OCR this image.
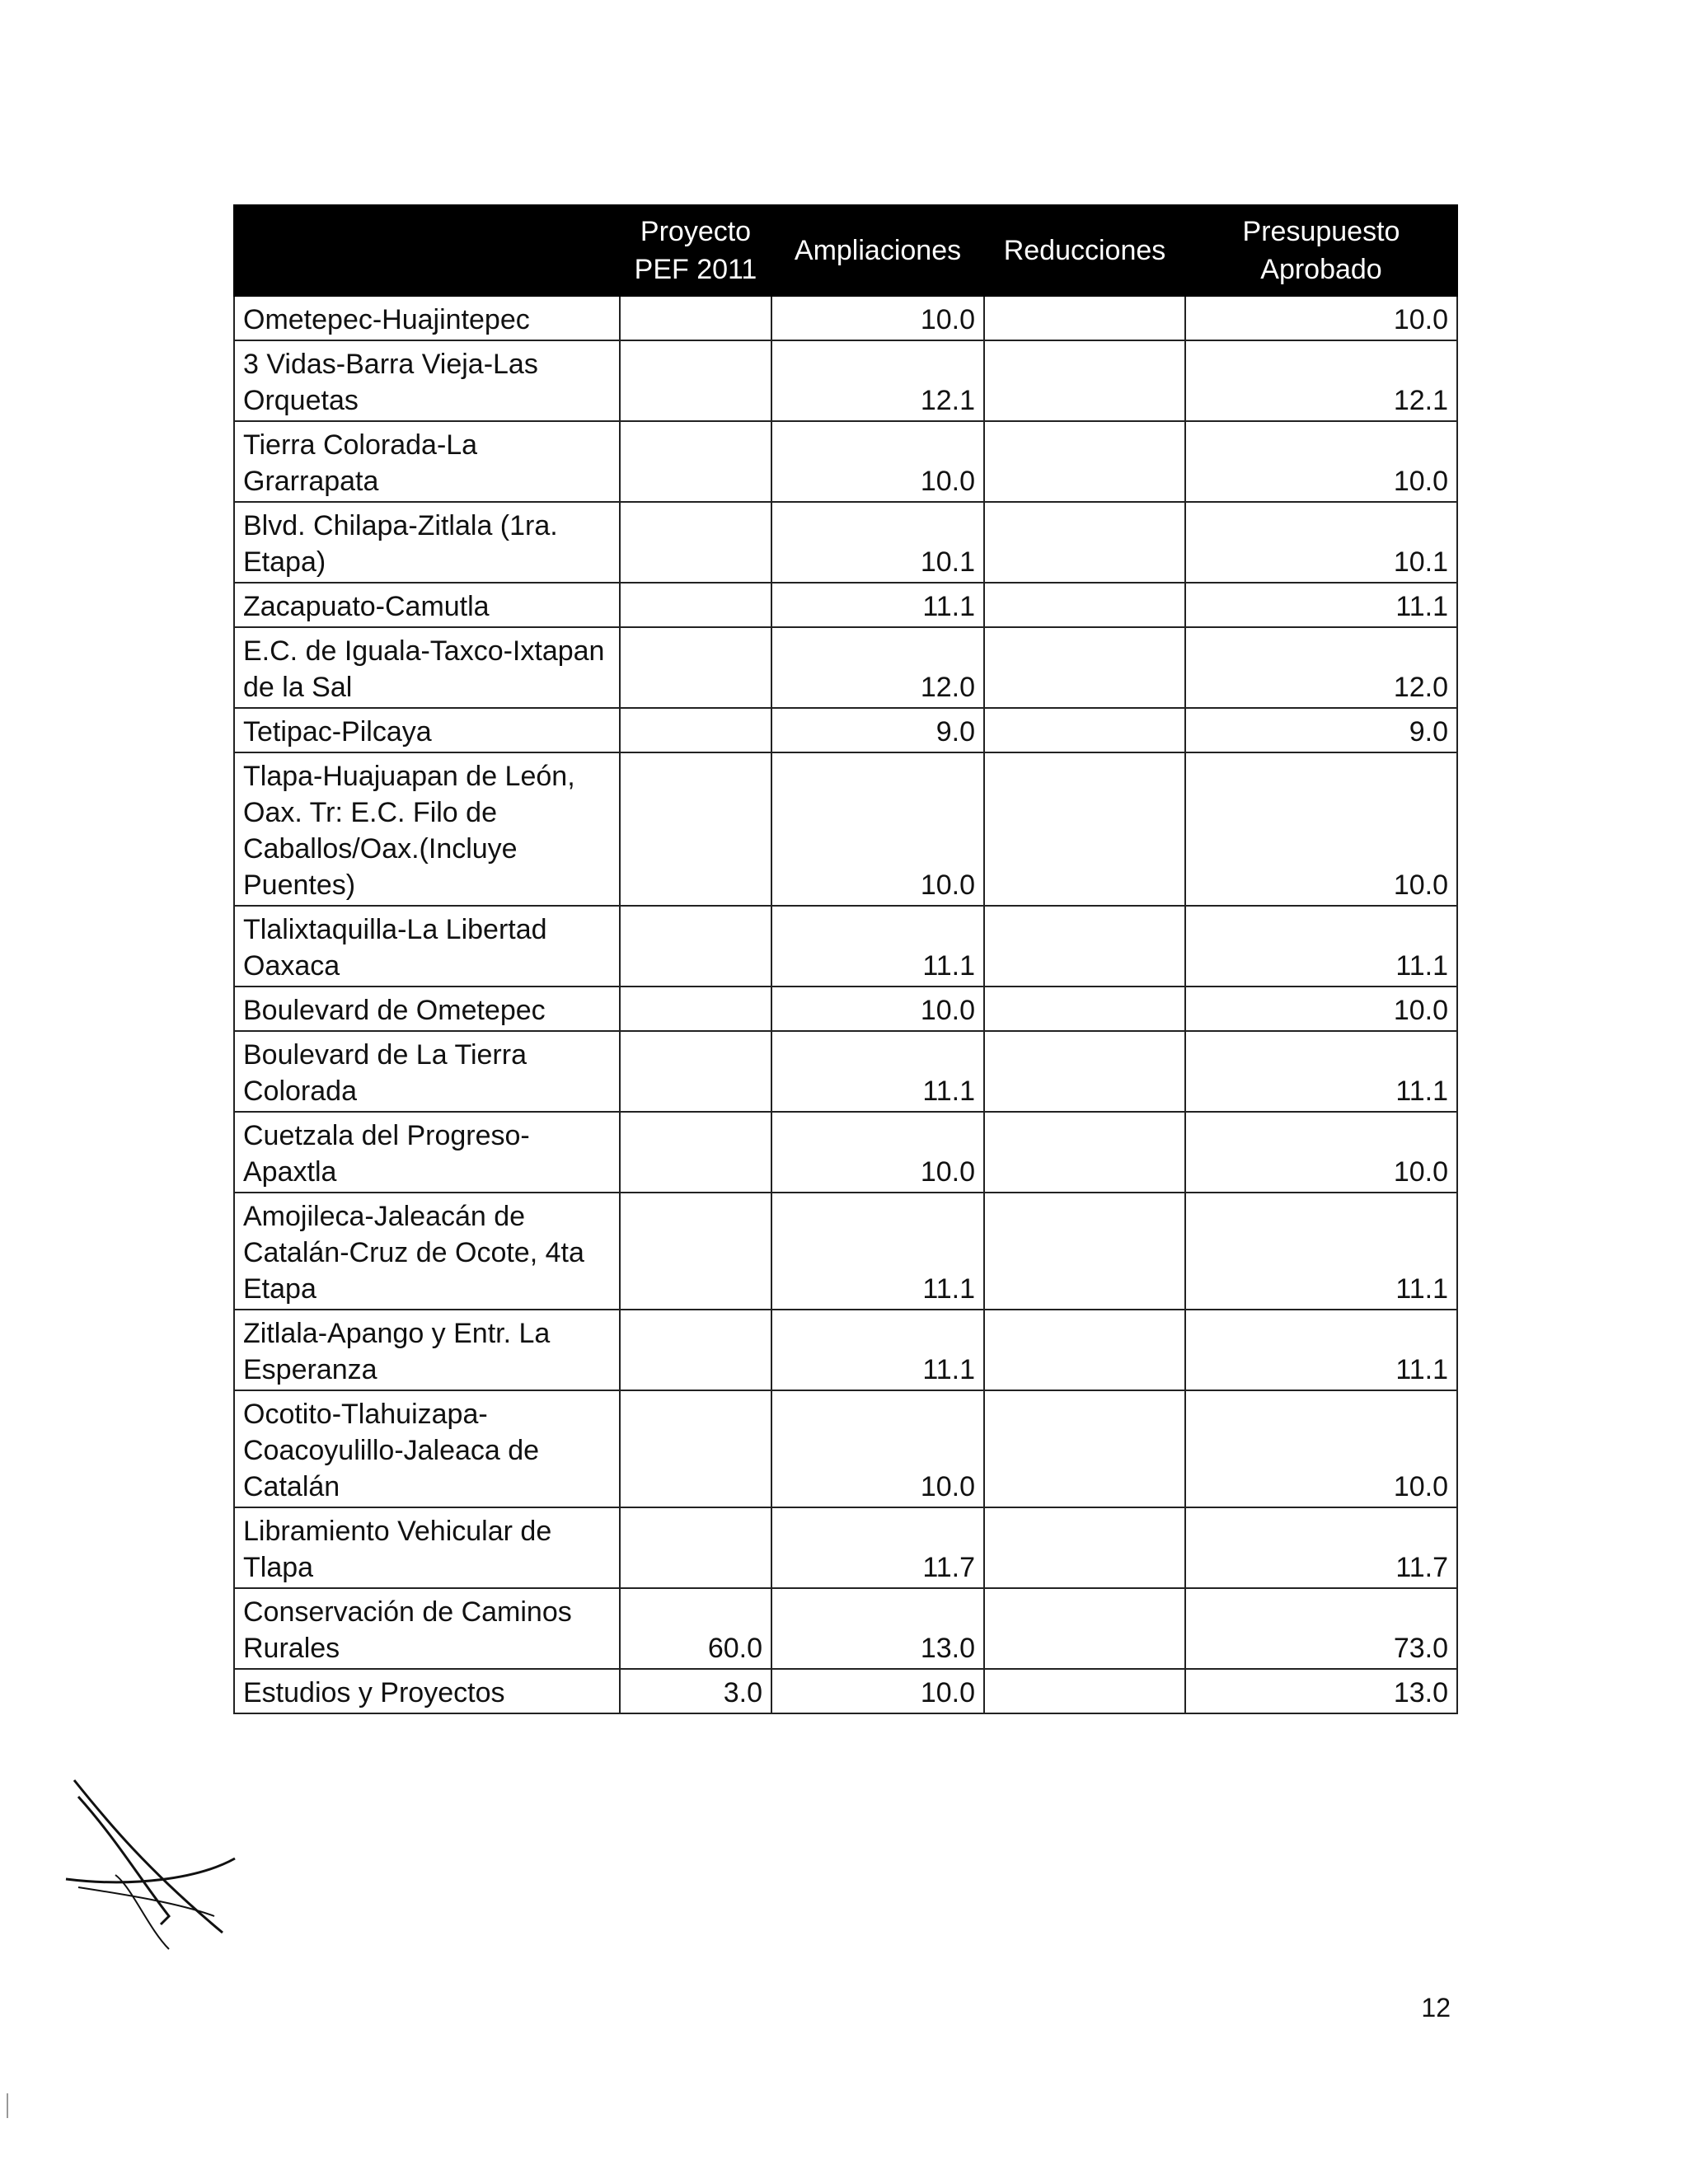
	Proyecto PEF 2011	Ampliaciones	Reducciones	Presupuesto Aprobado
Ometepec-Huajintepec		10.0		10.0
3 Vidas-Barra Vieja-Las Orquetas		12.1		12.1
Tierra Colorada-La Grarrapata		10.0		10.0
Blvd. Chilapa-Zitlala (1ra. Etapa)		10.1		10.1
Zacapuato-Camutla		11.1		11.1
E.C. de Iguala-Taxco-Ixtapan de la Sal		12.0		12.0
Tetipac-Pilcaya		9.0		9.0
Tlapa-Huajuapan de León, Oax. Tr: E.C. Filo de Caballos/Oax.(Incluye Puentes)		10.0		10.0
Tlalixtaquilla-La Libertad Oaxaca		11.1		11.1
Boulevard de Ometepec		10.0		10.0
Boulevard de La Tierra Colorada		11.1		11.1
Cuetzala del Progreso-Apaxtla		10.0		10.0
Amojileca-Jaleacán de Catalán-Cruz de Ocote, 4ta Etapa		11.1		11.1
Zitlala-Apango y Entr. La Esperanza		11.1		11.1
Ocotito-Tlahuizapa-Coacoyulillo-Jaleaca de Catalán		10.0		10.0
Libramiento Vehicular de Tlapa		11.7		11.7
Conservación de Caminos Rurales	60.0	13.0		73.0
Estudios y Proyectos	3.0	10.0		13.0
12
